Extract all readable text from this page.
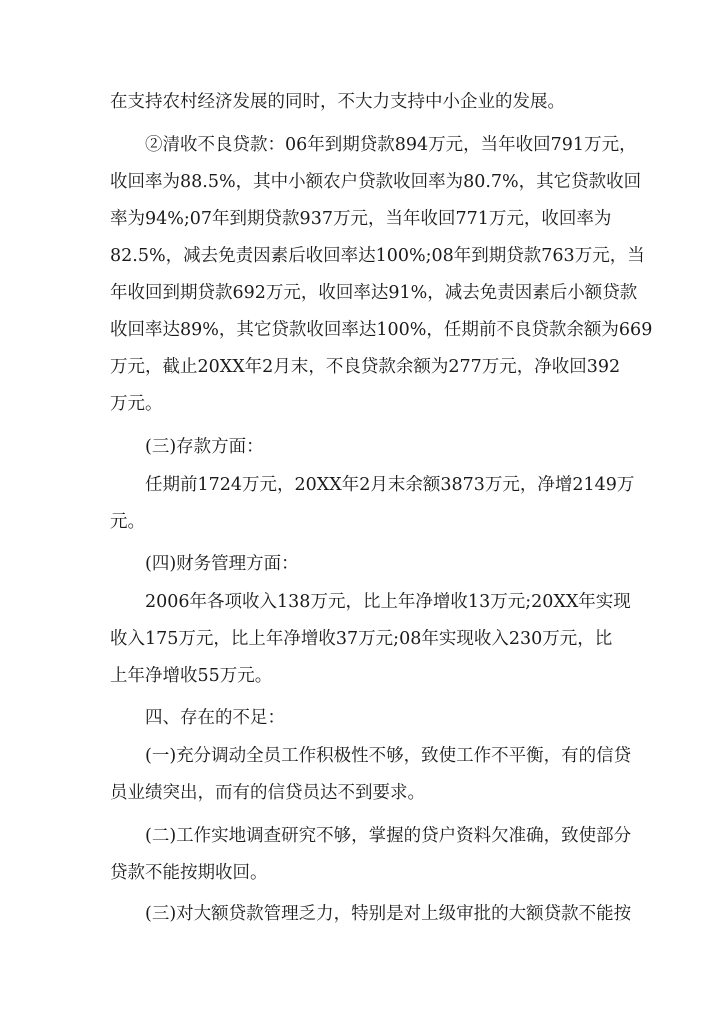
在支持农村经济发展的同时，不大力支持中小企业的发展。
②清收不良贷款：06年到期贷款894万元，当年收回791万元，
收回率为88.5%，其中小额农户贷款收回率为80.7%，其它贷款收回
率为94%;07年到期贷款937万元，当年收回771万元，收回率为
82.5%，减去免责因素后收回率达100%;08年到期贷款763万元，当
年收回到期贷款692万元，收回率达91%，减去免责因素后小额贷款
收回率达89%，其它贷款收回率达100%，任期前不良贷款余额为669
万元，截止20XX年2月末，不良贷款余额为277万元，净收回392
万元。
(三)存款方面：
任期前1724万元，20XX年2月末余额3873万元，净增2149万
元。
(四)财务管理方面：
2006年各项收入138万元，比上年净增收13万元;20XX年实现
收入175万元，比上年净增收37万元;08年实现收入230万元，比
上年净增收55万元。
四、存在的不足：
(一)充分调动全员工作积极性不够，致使工作不平衡，有的信贷
员业绩突出，而有的信贷员达不到要求。
(二)工作实地调查研究不够，掌握的贷户资料欠准确，致使部分
贷款不能按期收回。
(三)对大额贷款管理乏力，特别是对上级审批的大额贷款不能按
